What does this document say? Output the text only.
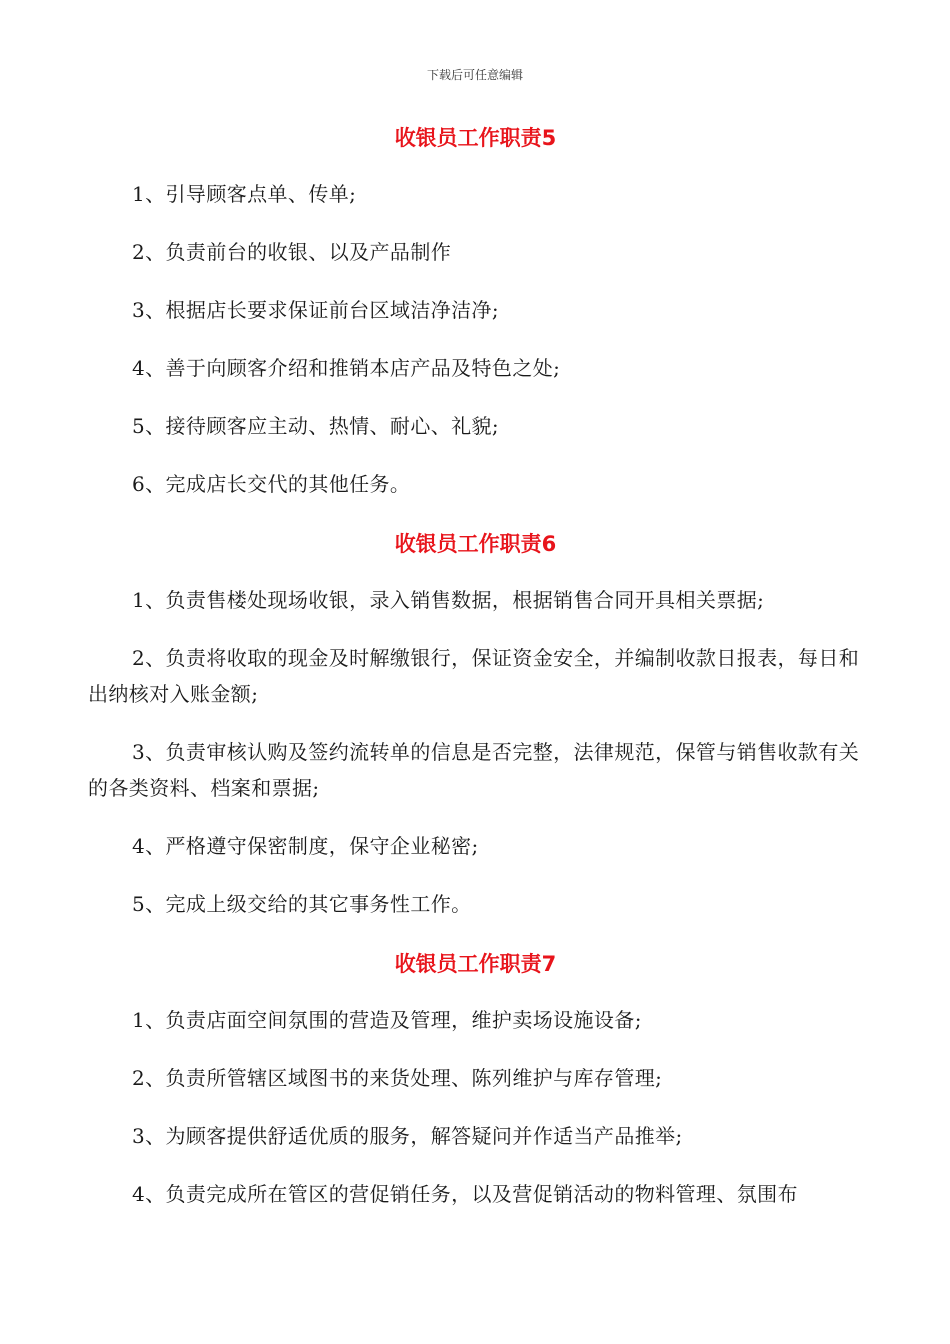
下载后可任意编辑
收银员工作职责5
1、引导顾客点单、传单;
2、负责前台的收银、以及产品制作
3、根据店长要求保证前台区域洁净洁净;
4、善于向顾客介绍和推销本店产品及特色之处;
5、接待顾客应主动、热情、耐心、礼貌;
6、完成店长交代的其他任务。
收银员工作职责6
1、负责售楼处现场收银，录入销售数据，根据销售合同开具相关票据;
2、负责将收取的现金及时解缴银行，保证资金安全，并编制收款日报表，每日和出纳核对入账金额;
3、负责审核认购及签约流转单的信息是否完整，法律规范，保管与销售收款有关的各类资料、档案和票据;
4、严格遵守保密制度，保守企业秘密;
5、完成上级交给的其它事务性工作。
收银员工作职责7
1、负责店面空间氛围的营造及管理，维护卖场设施设备;
2、负责所管辖区域图书的来货处理、陈列维护与库存管理;
3、为顾客提供舒适优质的服务，解答疑问并作适当产品推举;
4、负责完成所在管区的营促销任务，以及营促销活动的物料管理、氛围布
